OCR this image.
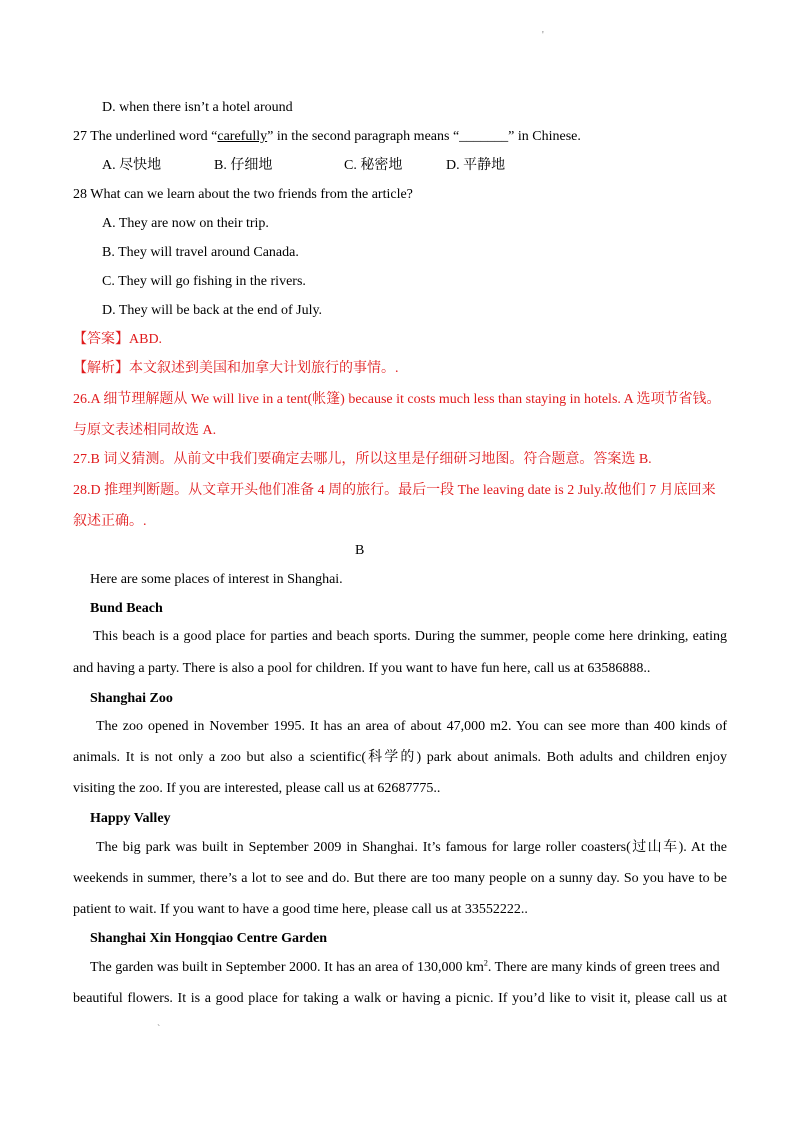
'
D. when there isn’t a hotel around
27 The underlined word “carefully” in the second paragraph means “_______” in Chinese.
A. 尽快地	B. 仔细地	C. 秘密地	D. 平静地
28 What can we learn about the two friends from the article?
A. They are now on their trip.
B. They will travel around Canada.
C. They will go fishing in the rivers.
D. They will be back at the end of July.
【答案】ABD.
【解析】本文叙述到美国和加拿大计划旅行的事情。.
26.A 细节理解题从 We will live in a tent(帐篷) because it costs much less than staying in hotels. A 选项节省钱。
与原文表述相同故选 A.
27.B 词义猜测。从前文中我们要确定去哪儿，所以这里是仔细研习地图。符合题意。答案选 B.
28.D 推理判断题。从文章开头他们准备 4 周的旅行。最后一段 The leaving date is 2 July.故他们 7 月底回来
叙述正确。.
B
Here are some places of interest in Shanghai.
Bund Beach
This beach is a good place for parties and beach sports. During the summer, people come here drinking, eating
and having a party. There is also a pool for children. If you want to have fun here, call us at 63586888..
Shanghai Zoo
The zoo opened in November 1995. It has an area of about 47,000 m2. You can see more than 400 kinds of
animals. It is not only a zoo but also a scientific(科学的) park about animals. Both adults and children enjoy
visiting the zoo. If you are interested, please call us at 62687775..
Happy Valley
The big park was built in September 2009 in Shanghai. It’s famous for large roller coasters(过山车). At the
weekends in summer, there’s a lot to see and do. But there are too many people on a sunny day. So you have to be
patient to wait. If you want to have a good time here, please call us at 33552222..
Shanghai Xin Hongqiao Centre Garden
The garden was built in September 2000. It has an area of 130,000 $km^2$. There are many kinds of green trees and
beautiful flowers. It is a good place for taking a walk or having a picnic. If you’d like to visit it, please call us at
`
